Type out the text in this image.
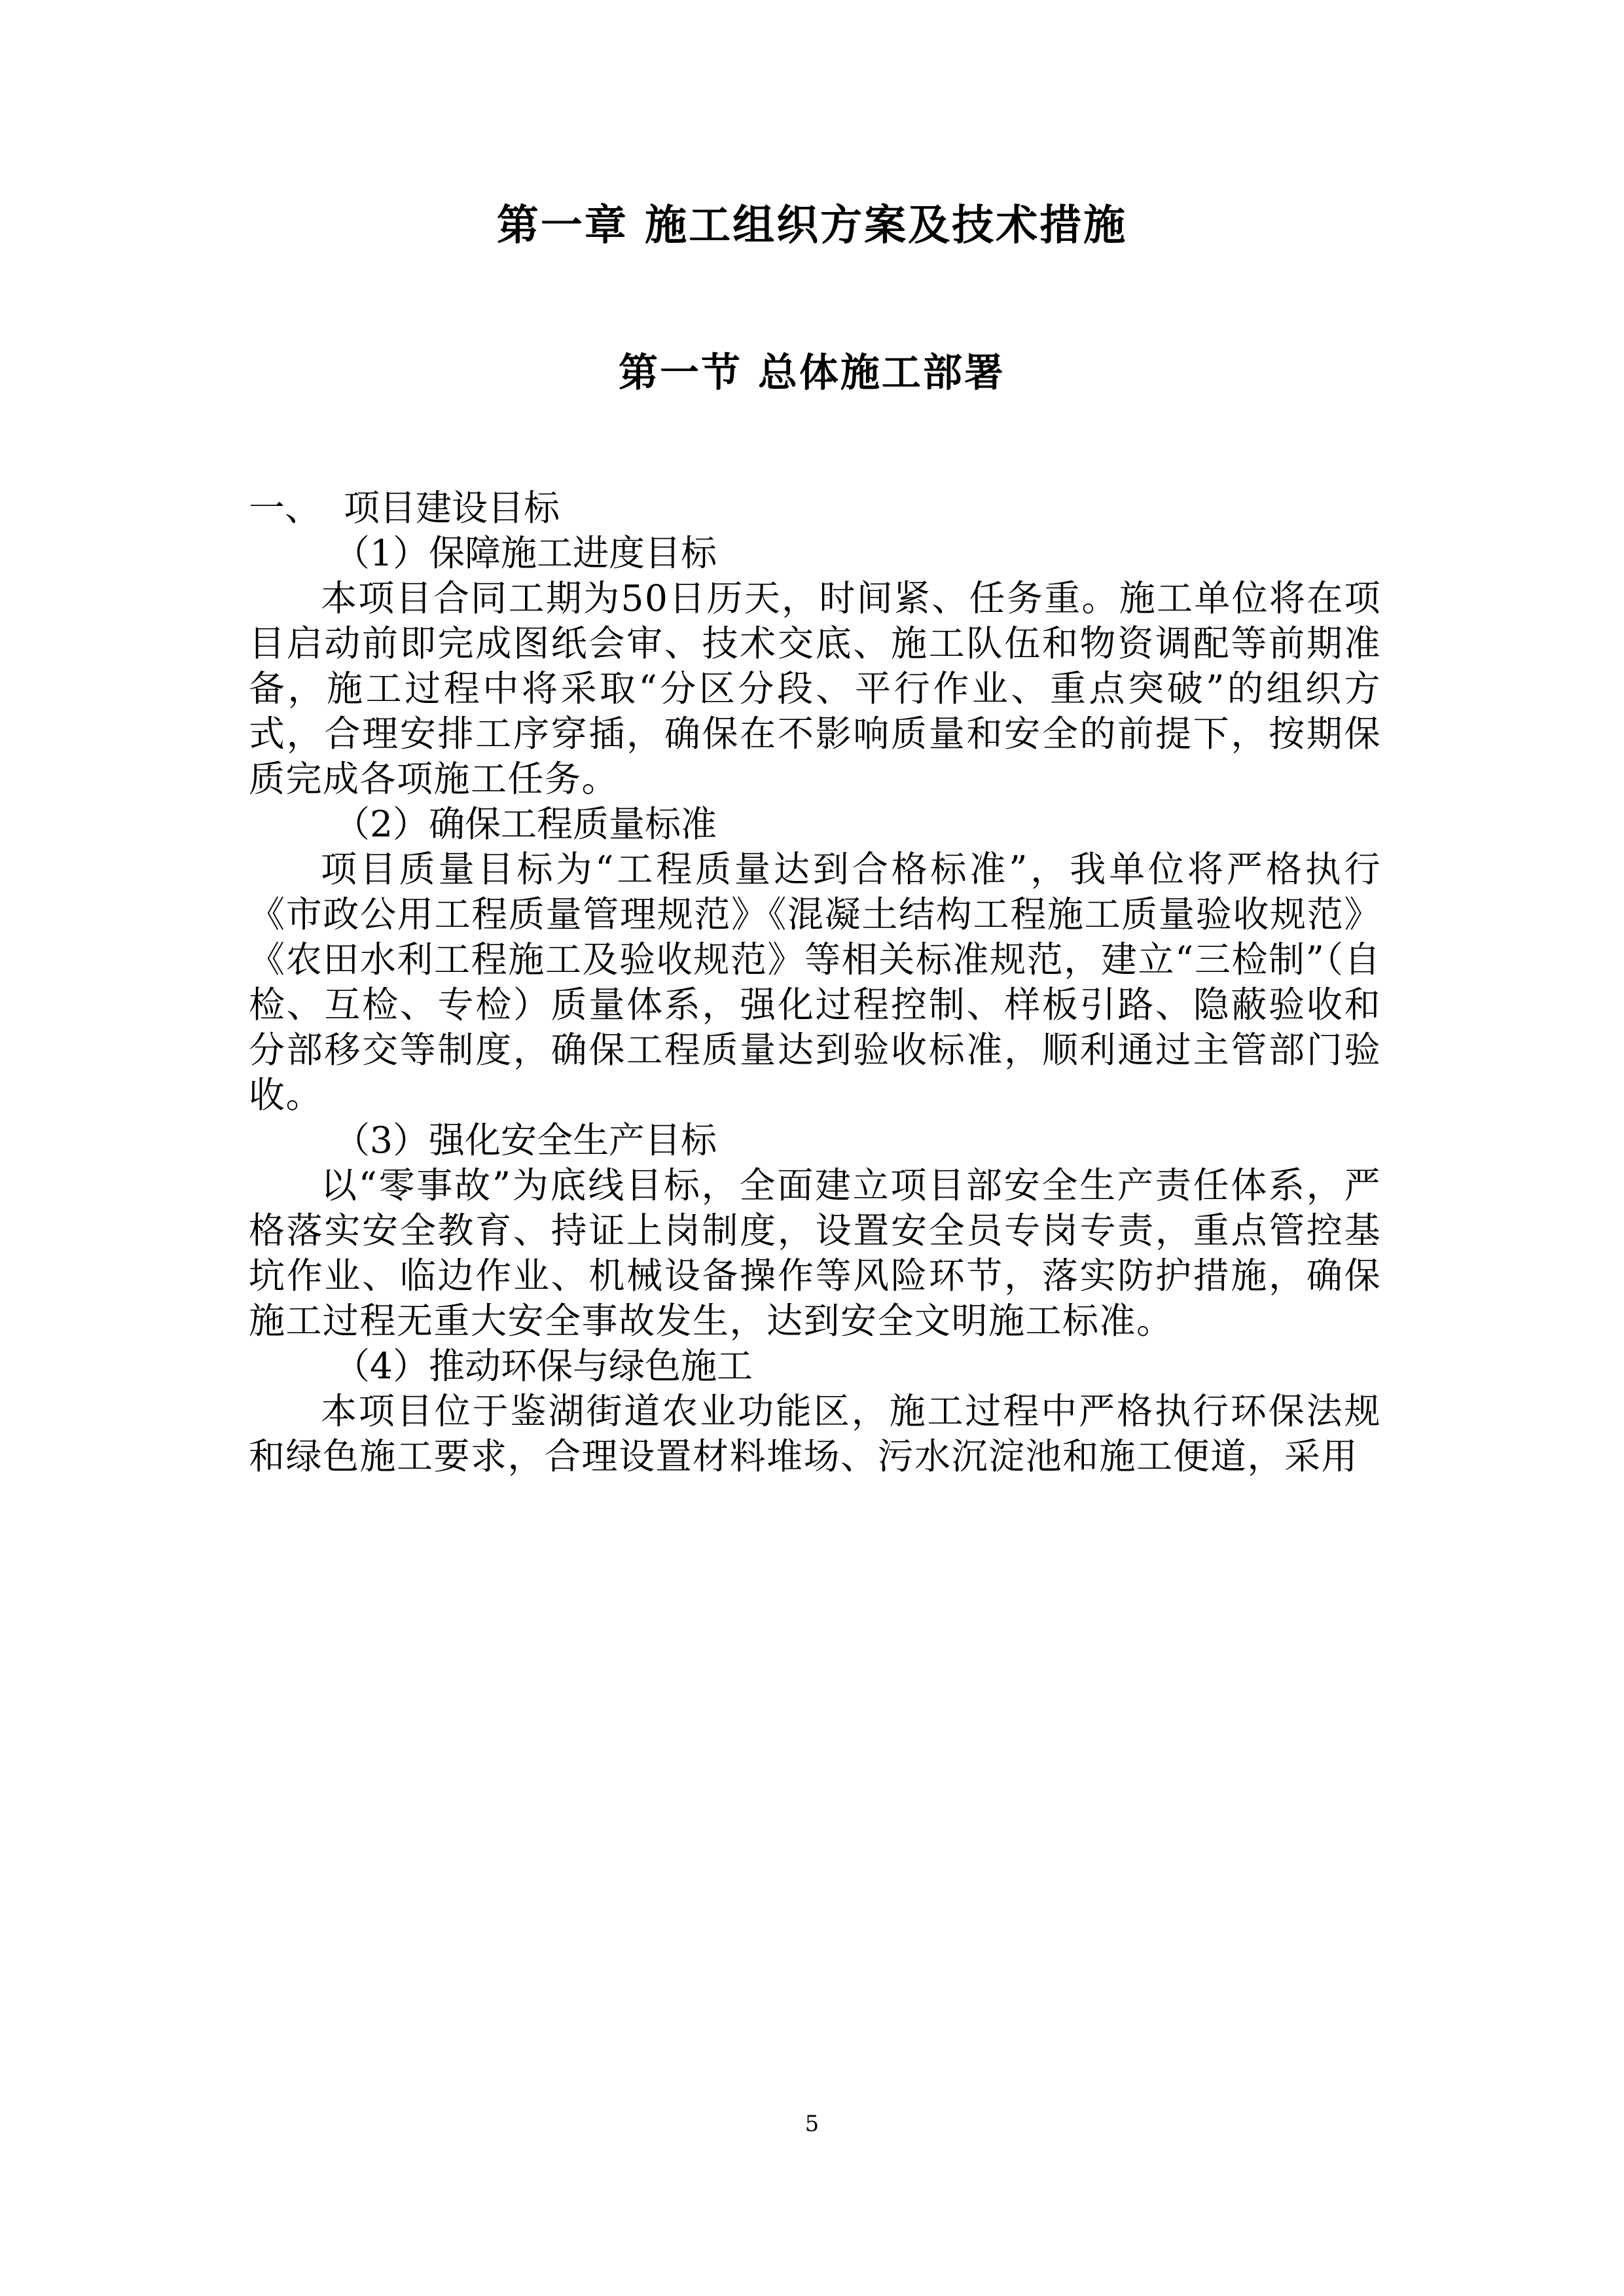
第一章 施工组织方案及技术措施
第一节 总体施工部署

一、 项目建设目标

（1）保障施工进度目标

本项目合同工期为50日历天，时间紧、任务重。施工单位将在项目启动前即完成图纸会审、技术交底、施工队伍和物资调配等前期准备，施工过程中将采取“分区分段、平行作业、重点突破”的组织方式，合理安排工序穿插，确保在不影响质量和安全的前提下，按期保质完成各项施工任务。

（2）确保工程质量标准

项目质量目标为“工程质量达到合格标准”，我单位将严格执行《市政公用工程质量管理规范》《混凝土结构工程施工质量验收规范》《农田水利工程施工及验收规范》等相关标准规范，建立“三检制”（自检、互检、专检）质量体系，强化过程控制、样板引路、隐蔽验收和分部移交等制度，确保工程质量达到验收标准，顺利通过主管部门验收。

（3）强化安全生产目标

以“零事故”为底线目标，全面建立项目部安全生产责任体系，严格落实安全教育、持证上岗制度，设置安全员专岗专责，重点管控基坑作业、临边作业、机械设备操作等风险环节，落实防护措施，确保施工过程无重大安全事故发生，达到安全文明施工标准。

（4）推动环保与绿色施工

本项目位于鉴湖街道农业功能区，施工过程中严格执行环保法规和绿色施工要求，合理设置材料堆场、污水沉淀池和施工便道，采用

5
